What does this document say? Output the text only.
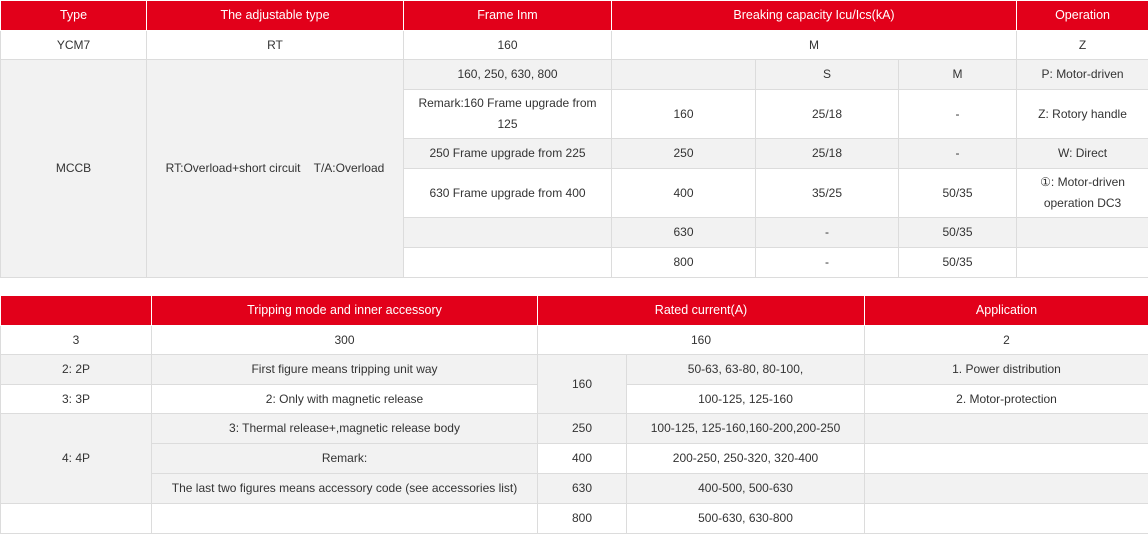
Type	The adjustable type	Frame Inm	Breaking capacity Icu/Ics(kA)			Operation
YCM7	RT	160	M			Z
MCCB	RT:Overload+short circuit    T/A:Overload	160, 250, 630, 800		S	M	P: Motor-driven
		Remark:160 Frame upgrade from 125	160	25/18	-	Z: Rotory handle
		250 Frame upgrade from 225	250	25/18	-	W: Direct
		630 Frame upgrade from 400	400	35/25	50/35	①: Motor-driven operation DC3
			630	-	50/35	
			800	-	50/35	
	Tripping mode and inner accessory	Rated current(A)		Application
3	300	160		2
2: 2P	First figure means tripping unit way	160	50-63, 63-80, 80-100,	1. Power distribution
3: 3P	2: Only with magnetic release		100-125, 125-160	2. Motor-protection
4: 4P	3: Thermal release+,magnetic release body	250	100-125, 125-160,160-200,200-250	
	Remark:	400	200-250, 250-320, 320-400	
	The last two figures means accessory code (see accessories list)	630	400-500, 500-630	
		800	500-630, 630-800	
